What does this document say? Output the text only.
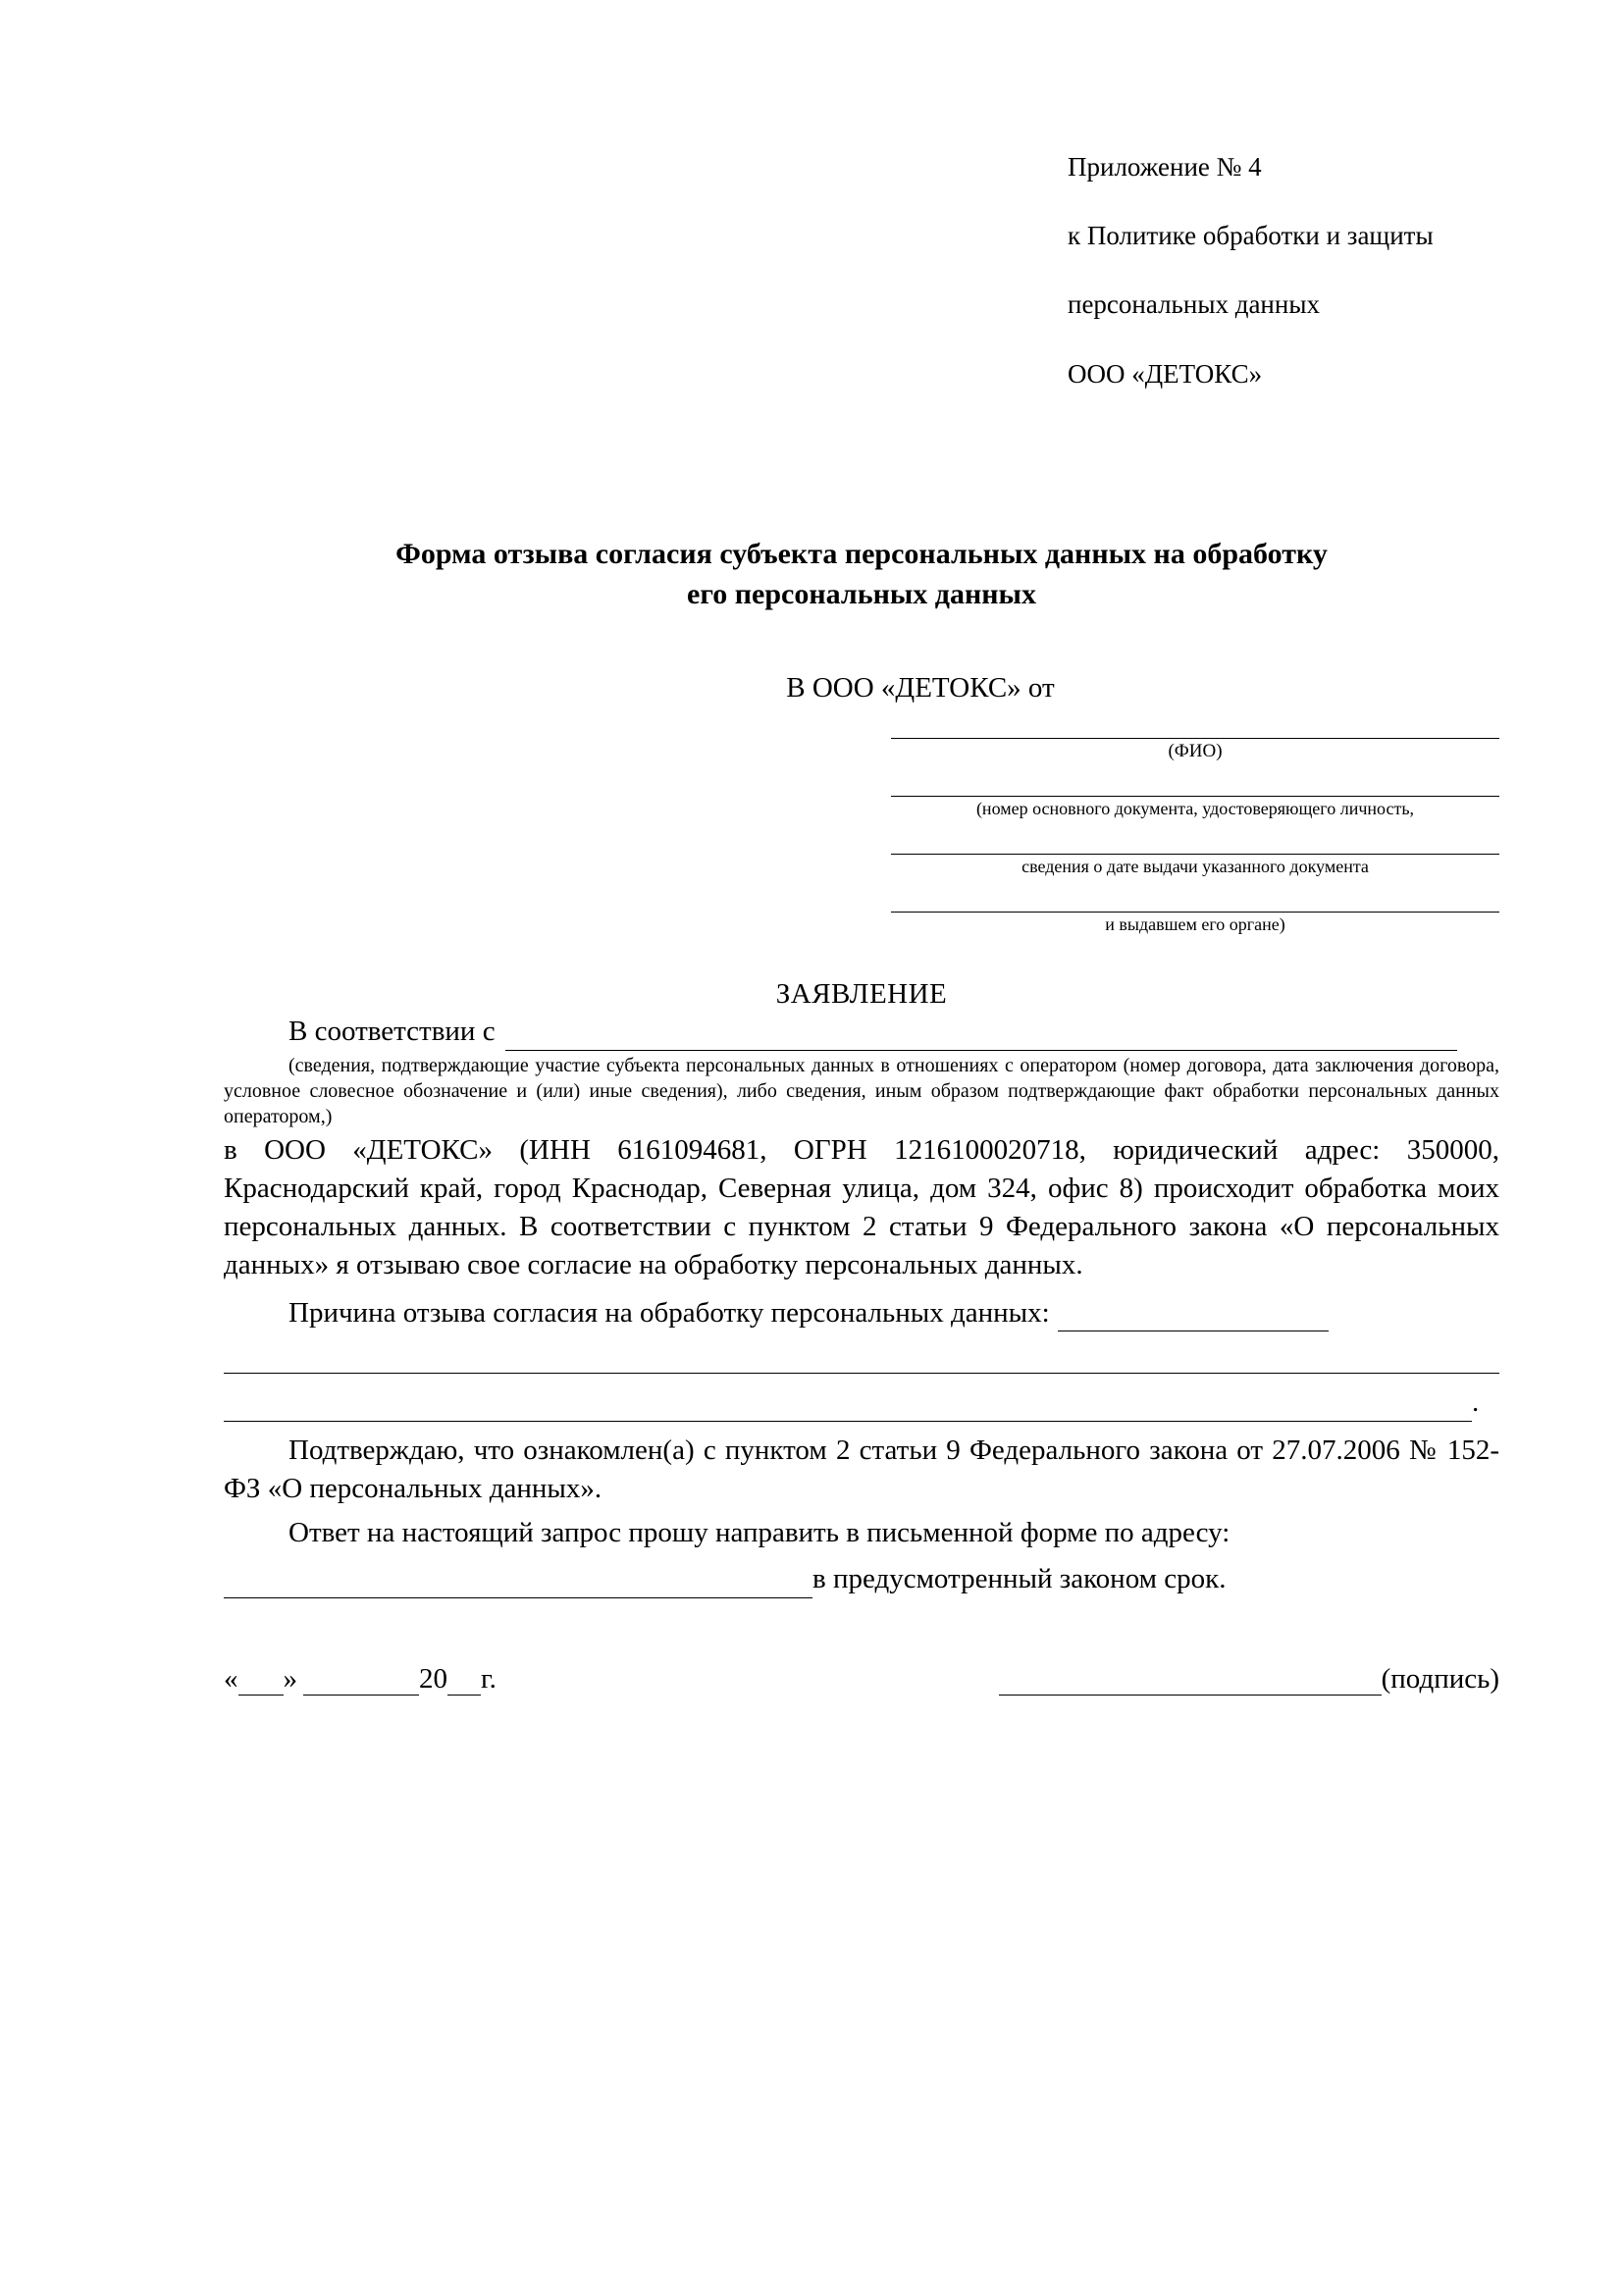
Приложение № 4

к Политике обработки и защиты

персональных данных

ООО «ДЕТОКС»

Форма отзыва согласия субъекта персональных данных на обработку
его персональных данных
В ООО «ДЕТОКС» от
(ФИО)
(номер основного документа, удостоверяющего личность,
сведения о дате выдачи указанного документа
и выдавшем его органе)
ЗАЯВЛЕНИЕ
В соответствии с
(сведения, подтверждающие участие субъекта персональных данных в отношениях с оператором (номер договора, дата заключения договора, условное словесное обозначение и (или) иные сведения), либо сведения, иным образом подтверждающие факт обработки персональных данных оператором,)
в ООО «ДЕТОКС» (ИНН 6161094681, ОГРН 1216100020718, юридический адрес: 350000, Краснодарский край, город Краснодар, Северная улица, дом 324, офис 8) происходит обработка моих персональных данных. В соответствии с пунктом 2 статьи 9 Федерального закона «О персональных данных» я отзываю свое согласие на обработку персональных данных.
Причина отзыва согласия на обработку персональных данных:
.
Подтверждаю, что ознакомлен(а) с пунктом 2 статьи 9 Федерального закона от 27.07.2006 № 152-ФЗ «О персональных данных».
Ответ на настоящий запрос прошу направить в письменной форме по адресу:
в предусмотренный законом срок.
« »	20 г.	(подпись)
